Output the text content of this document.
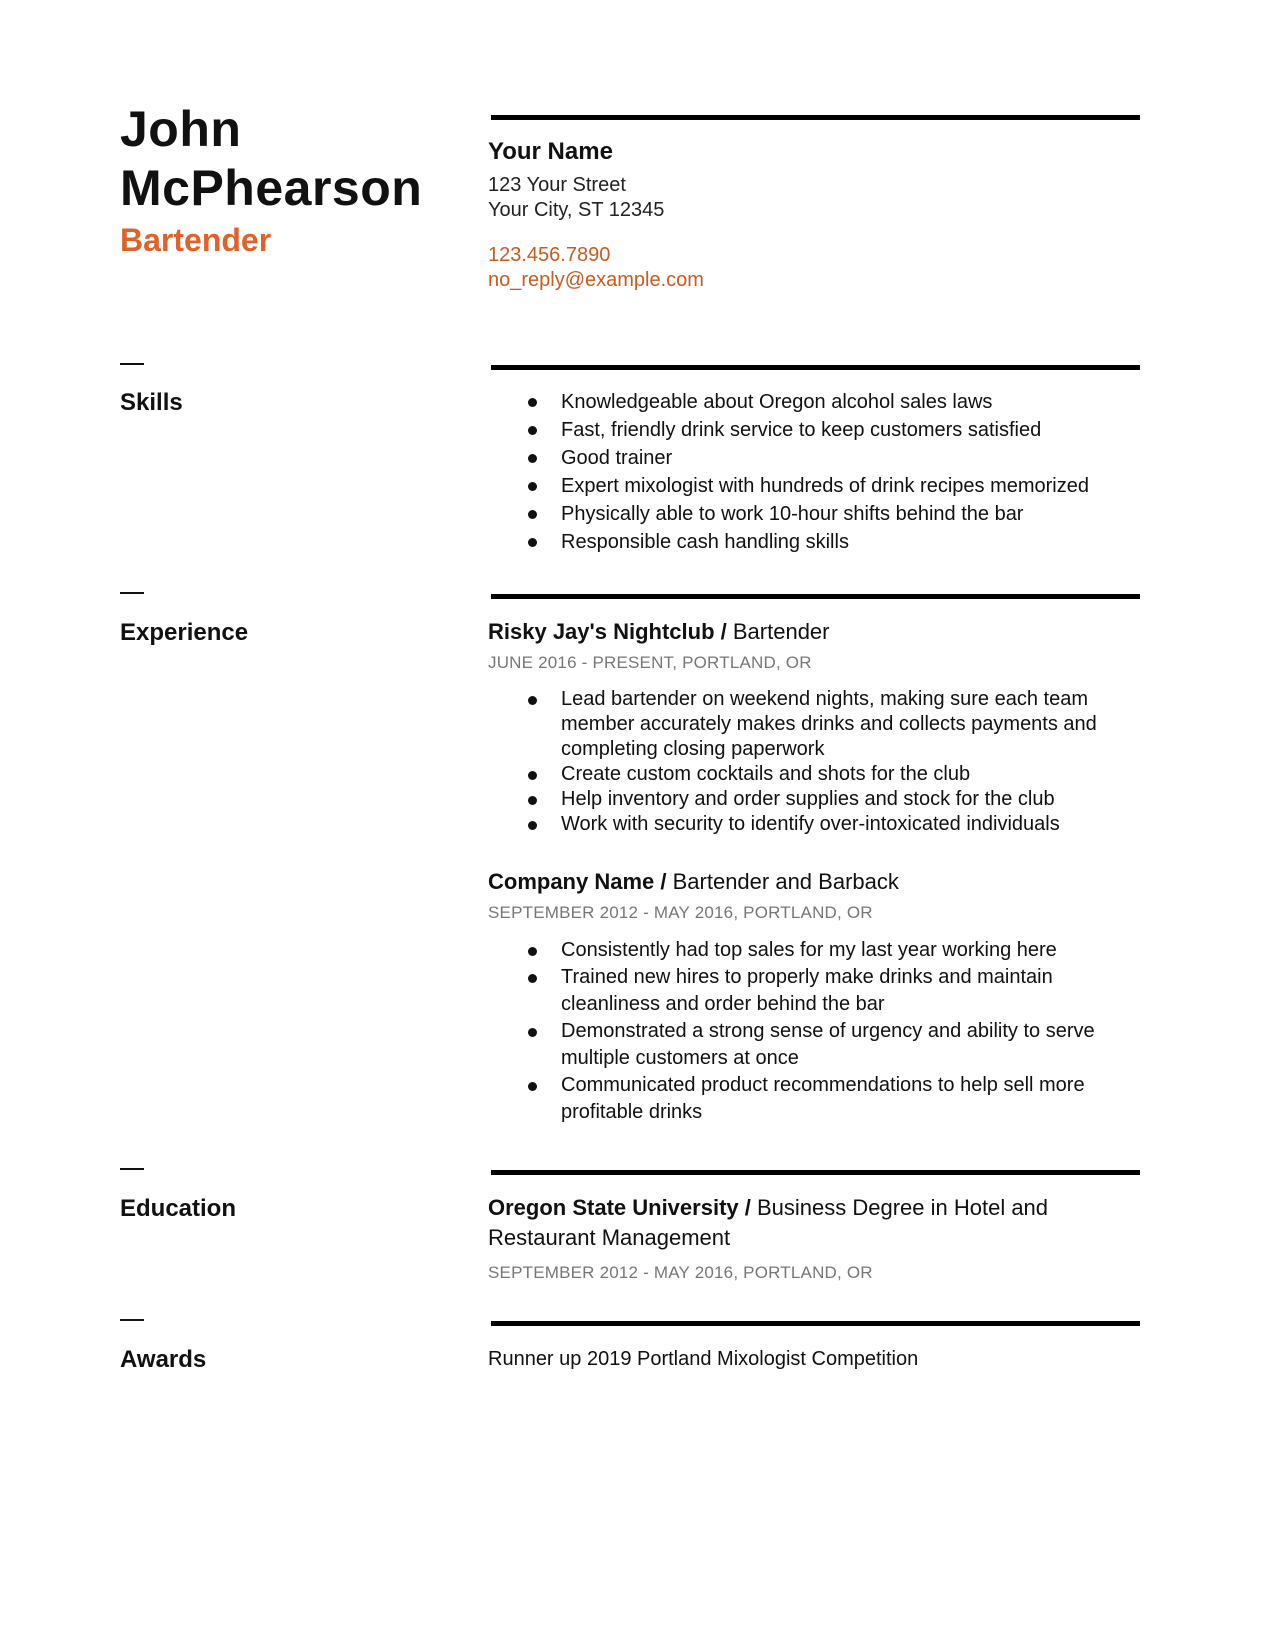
John
McPhearson
Bartender
Your Name
123 Your Street
Your City, ST 12345
123.456.7890
no_reply@example.com
Skills	Knowledgeable about Oregon alcohol sales laws
Fast, friendly drink service to keep customers satisfied
Good trainer
Expert mixologist with hundreds of drink recipes memorized
Physically able to work 10-hour shifts behind the bar
Responsible cash handling skills
Experience	Risky Jay's Nightclub / Bartender
JUNE 2016 - PRESENT, PORTLAND, OR
Lead bartender on weekend nights, making sure each team member accurately makes drinks and collects payments and completing closing paperwork
Create custom cocktails and shots for the club
Help inventory and order supplies and stock for the club
Work with security to identify over-intoxicated individuals
Company Name / Bartender and Barback
SEPTEMBER 2012 - MAY 2016, PORTLAND, OR
Consistently had top sales for my last year working here
Trained new hires to properly make drinks and maintain cleanliness and order behind the bar
Demonstrated a strong sense of urgency and ability to serve multiple customers at once
Communicated product recommendations to help sell more profitable drinks
Education	Oregon State University / Business Degree in Hotel and Restaurant Management
SEPTEMBER 2012 - MAY 2016, PORTLAND, OR
Awards	Runner up 2019 Portland Mixologist Competition
